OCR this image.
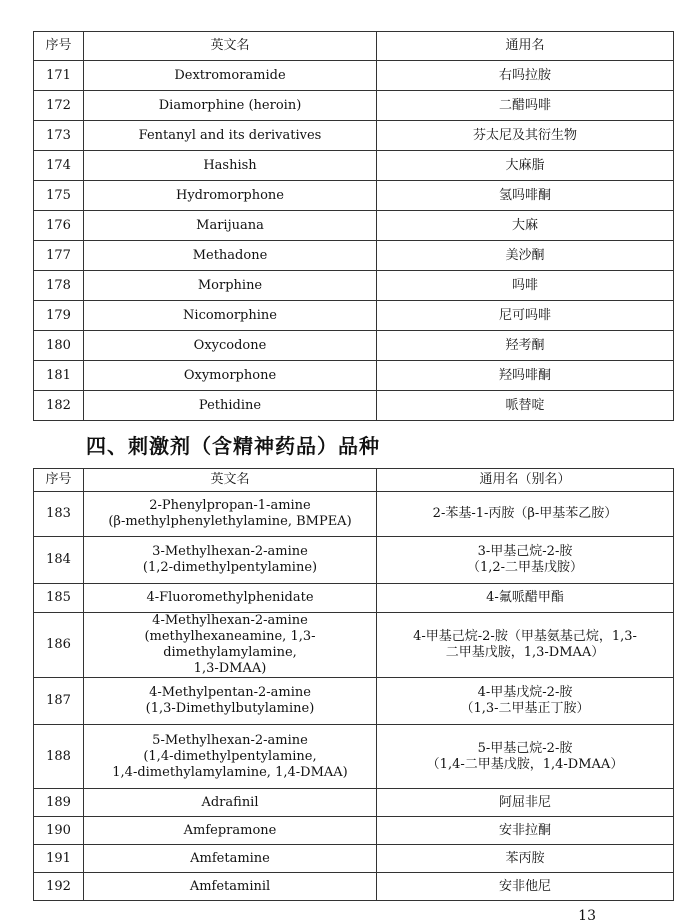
序号	英文名	通用名
171	Dextromoramide	右吗拉胺
172	Diamorphine (heroin)	二醋吗啡
173	Fentanyl and its derivatives	芬太尼及其衍生物
174	Hashish	大麻脂
175	Hydromorphone	氢吗啡酮
176	Marijuana	大麻
177	Methadone	美沙酮
178	Morphine	吗啡
179	Nicomorphine	尼可吗啡
180	Oxycodone	羟考酮
181	Oxymorphone	羟吗啡酮
182	Pethidine	哌替啶
四、刺激剂（含精神药品）品种
序号	英文名	通用名（别名）
183	2-Phenylpropan-1-amine
(β-methylphenylethylamine, BMPEA)	2-苯基-1-丙胺（β-甲基苯乙胺）
184	3-Methylhexan-2-amine
(1,2-dimethylpentylamine)	3-甲基己烷-2-胺
（1,2-二甲基戊胺）
185	4-Fluoromethylphenidate	4-氟哌醋甲酯
186	4-Methylhexan-2-amine
(methylhexaneamine, 1,3-dimethylamylamine,
1,3-DMAA)	4-甲基己烷-2-胺（甲基氨基己烷，1,3-
二甲基戊胺，1,3-DMAA）
187	4-Methylpentan-2-amine
(1,3-Dimethylbutylamine)	4-甲基戊烷-2-胺
（1,3-二甲基正丁胺）
188	5-Methylhexan-2-amine
(1,4-dimethylpentylamine,
1,4-dimethylamylamine, 1,4-DMAA)	5-甲基己烷-2-胺
（1,4-二甲基戊胺，1,4-DMAA）
189	Adrafinil	阿屈非尼
190	Amfepramone	安非拉酮
191	Amfetamine	苯丙胺
192	Amfetaminil	安非他尼
13
